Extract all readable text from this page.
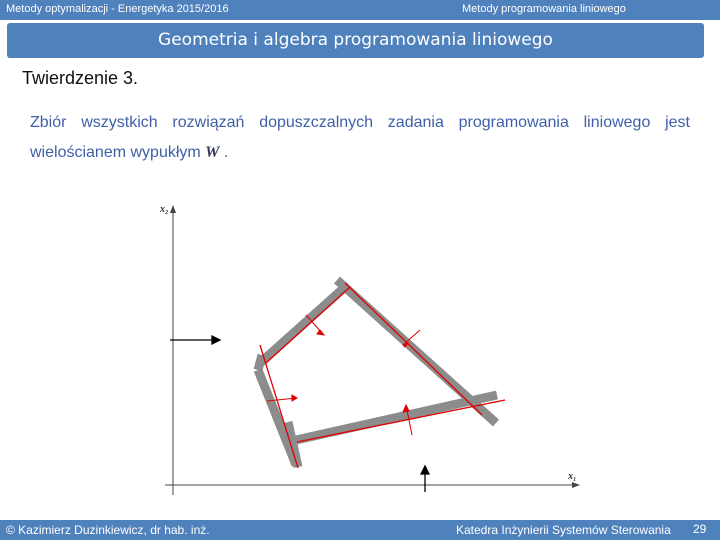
Metody optymalizacji - Energetyka 2015/2016	Metody programowania liniowego
Geometria i algebra programowania liniowego
Twierdzenie 3.
Zbiór wszystkich rozwiązań dopuszczalnych zadania programowania liniowego jest wielościanem wypukłym W .
x₂
x₁
© Kazimierz Duzinkiewicz, dr hab. inż.	Katedra Inżynierii Systemów Sterowania 29
